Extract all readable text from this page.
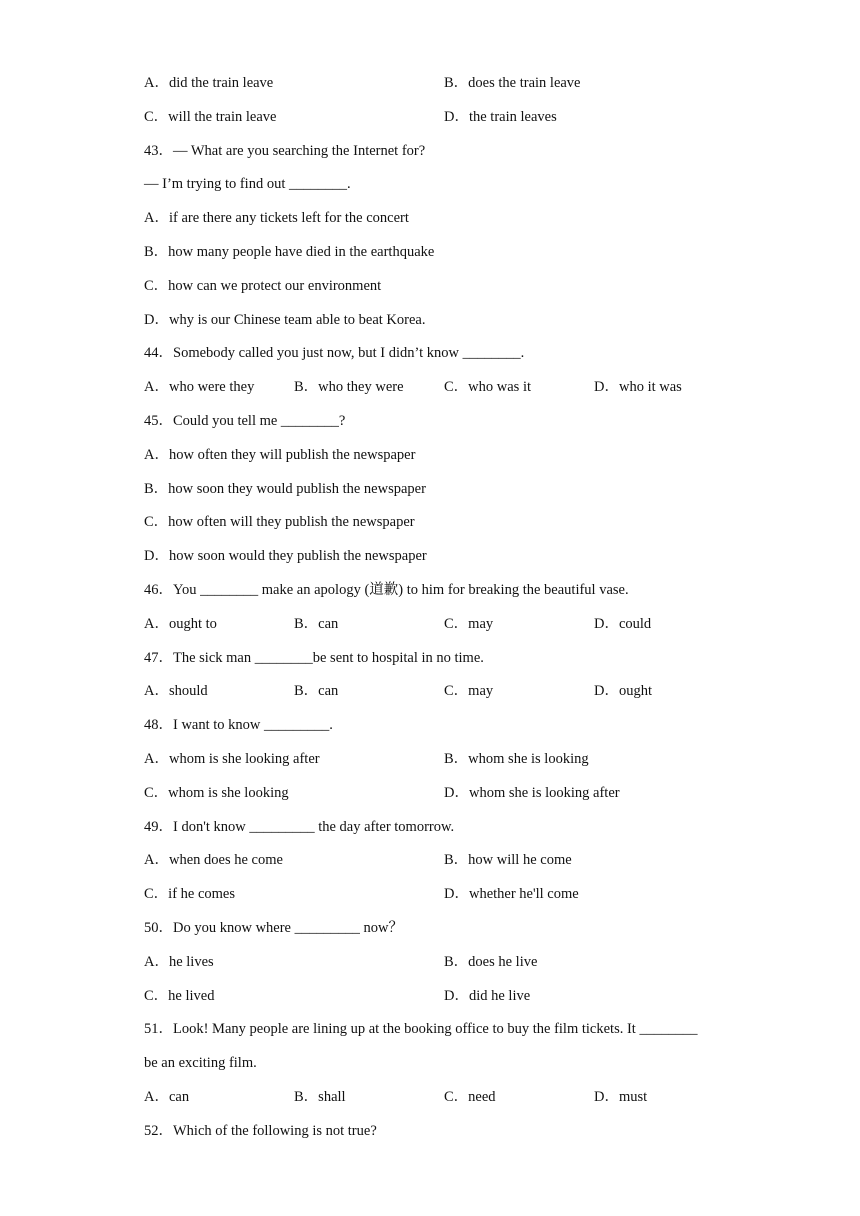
A．did the train leave	B．does the train leave
C．will the train leave	D．the train leaves
43．— What are you searching the Internet for?
— I’m trying to find out ________.
A．if are there any tickets left for the concert
B．how many people have died in the earthquake
C．how can we protect our environment
D．why is our Chinese team able to beat Korea.
44．Somebody called you just now, but I didn’t know ________.
A．who were they	B．who they were	C．who was it	D．who it was
45．Could you tell me ________?
A．how often they will publish the newspaper
B．how soon they would publish the newspaper
C．how often will they publish the newspaper
D．how soon would they publish the newspaper
46．You ________ make an apology (道歉) to him for breaking the beautiful vase.
A．ought to	B．can	C．may	D．could
47．The sick man ________be sent to hospital in no time.
A．should	B．can	C．may	D．ought
48．I want to know _________.
A．whom is she looking after	B．whom she is looking
C．whom is she looking	D．whom she is looking after
49．I don't know _________ the day after tomorrow.
A．when does he come	B．how will he come
C．if he comes	D．whether he'll come
50．Do you know where _________ now？
A．he lives	B．does he live
C．he lived	D．did he live
51．Look! Many people are lining up at the booking office to buy the film tickets. It ________
be an exciting film.
A．can	B．shall	C．need	D．must
52．Which of the following is not true?
